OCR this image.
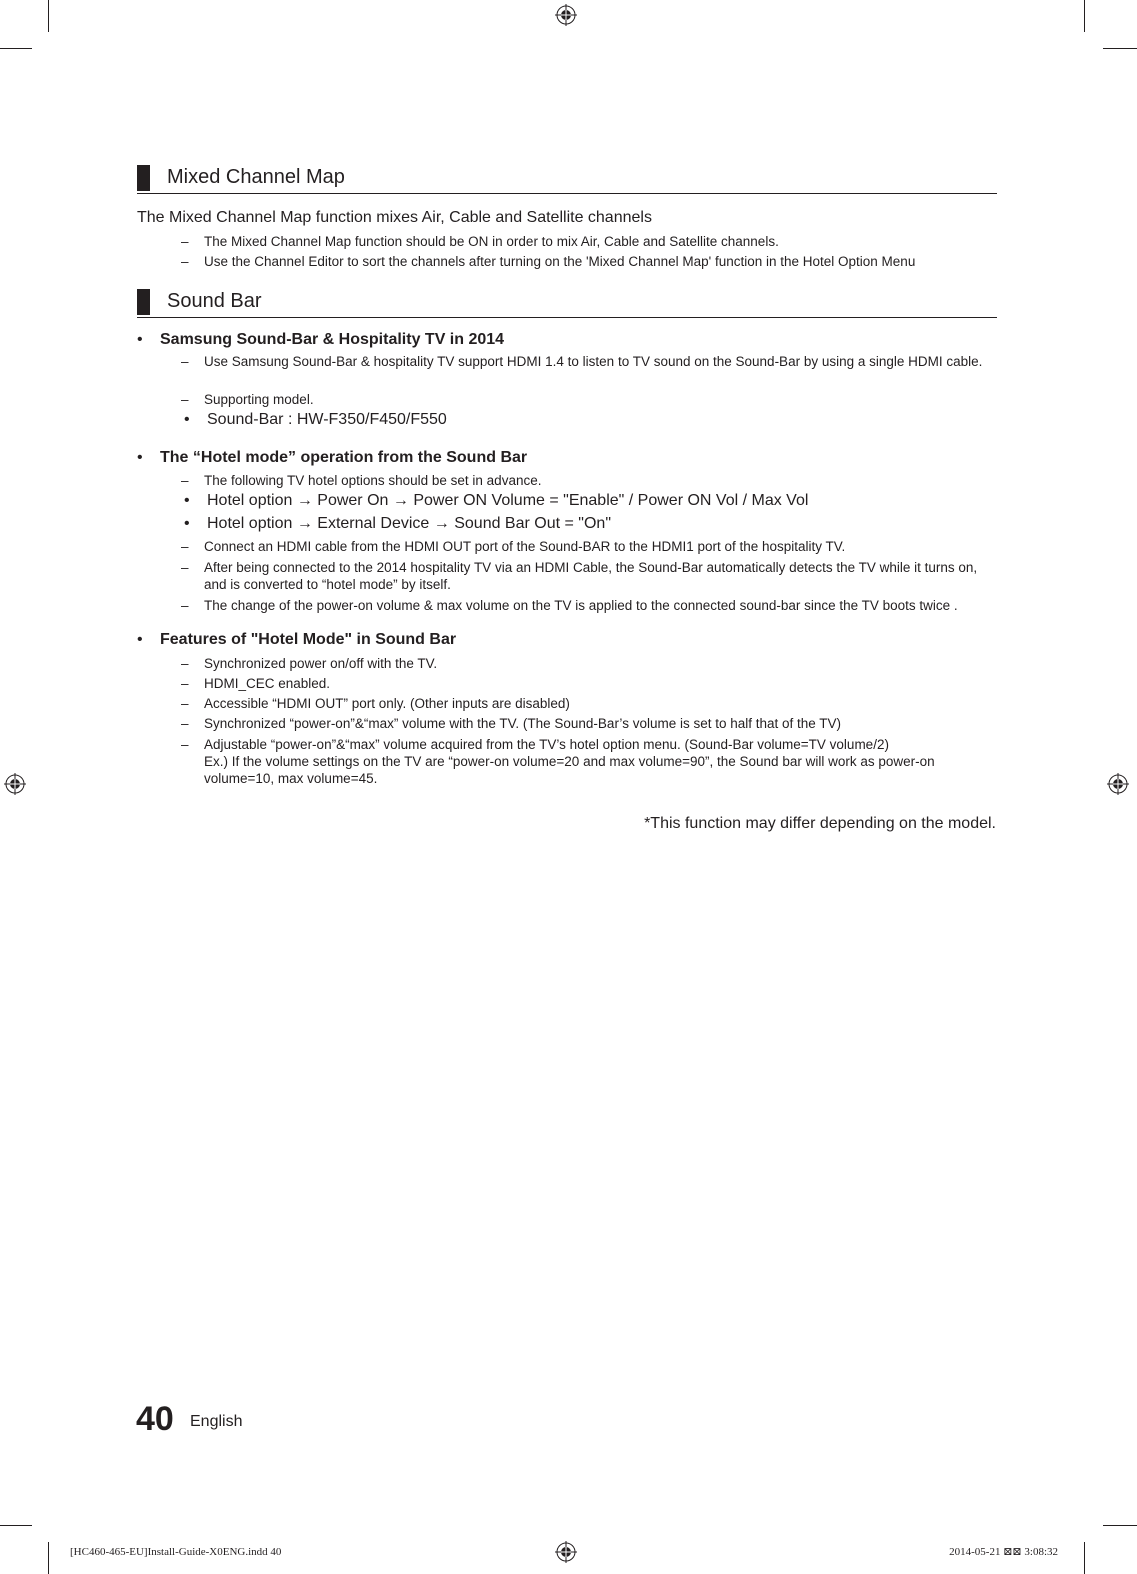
Mixed Channel Map
The Mixed Channel Map function mixes Air, Cable and Satellite channels
– The Mixed Channel Map function should be ON in order to mix Air, Cable and Satellite channels.
– Use the Channel Editor to sort the channels after turning on the 'Mixed Channel Map' function in the Hotel Option Menu
Sound Bar
• Samsung Sound-Bar & Hospitality TV in 2014
– Use Samsung Sound-Bar & hospitality TV support HDMI 1.4 to listen to TV sound on the Sound-Bar by using a single HDMI cable.
– Supporting model.
• Sound-Bar : HW-F350/F450/F550
• The “Hotel mode” operation from the Sound Bar
– The following TV hotel options should be set in advance.
• Hotel option → Power On → Power ON Volume = "Enable" / Power ON Vol / Max Vol
• Hotel option → External Device → Sound Bar Out = "On"
– Connect an HDMI cable from the HDMI OUT port of the Sound-BAR to the HDMI1 port of the hospitality TV.
– After being connected to the 2014 hospitality TV via an HDMI Cable, the Sound-Bar automatically detects the TV while it turns on, and is converted to “hotel mode” by itself.
– The change of the power-on volume & max volume on the TV is applied to the connected sound-bar since the TV boots twice .
• Features of "Hotel Mode" in Sound Bar
– Synchronized power on/off with the TV.
– HDMI_CEC enabled.
– Accessible “HDMI OUT” port only. (Other inputs are disabled)
– Synchronized “power-on”&“max” volume with the TV. (The Sound-Bar’s volume is set to half that of the TV)
– Adjustable “power-on”&“max” volume acquired from the TV’s hotel option menu. (Sound-Bar volume=TV volume/2)
Ex.) If the volume settings on the TV are “power-on volume=20 and max volume=90”, the Sound bar will work as power-on volume=10, max volume=45.
*This function may differ depending on the model.
40 English
[HC460-465-EU]Install-Guide-X0ENG.indd 40	2014-05-21 ⊠⊠ 3:08:32
